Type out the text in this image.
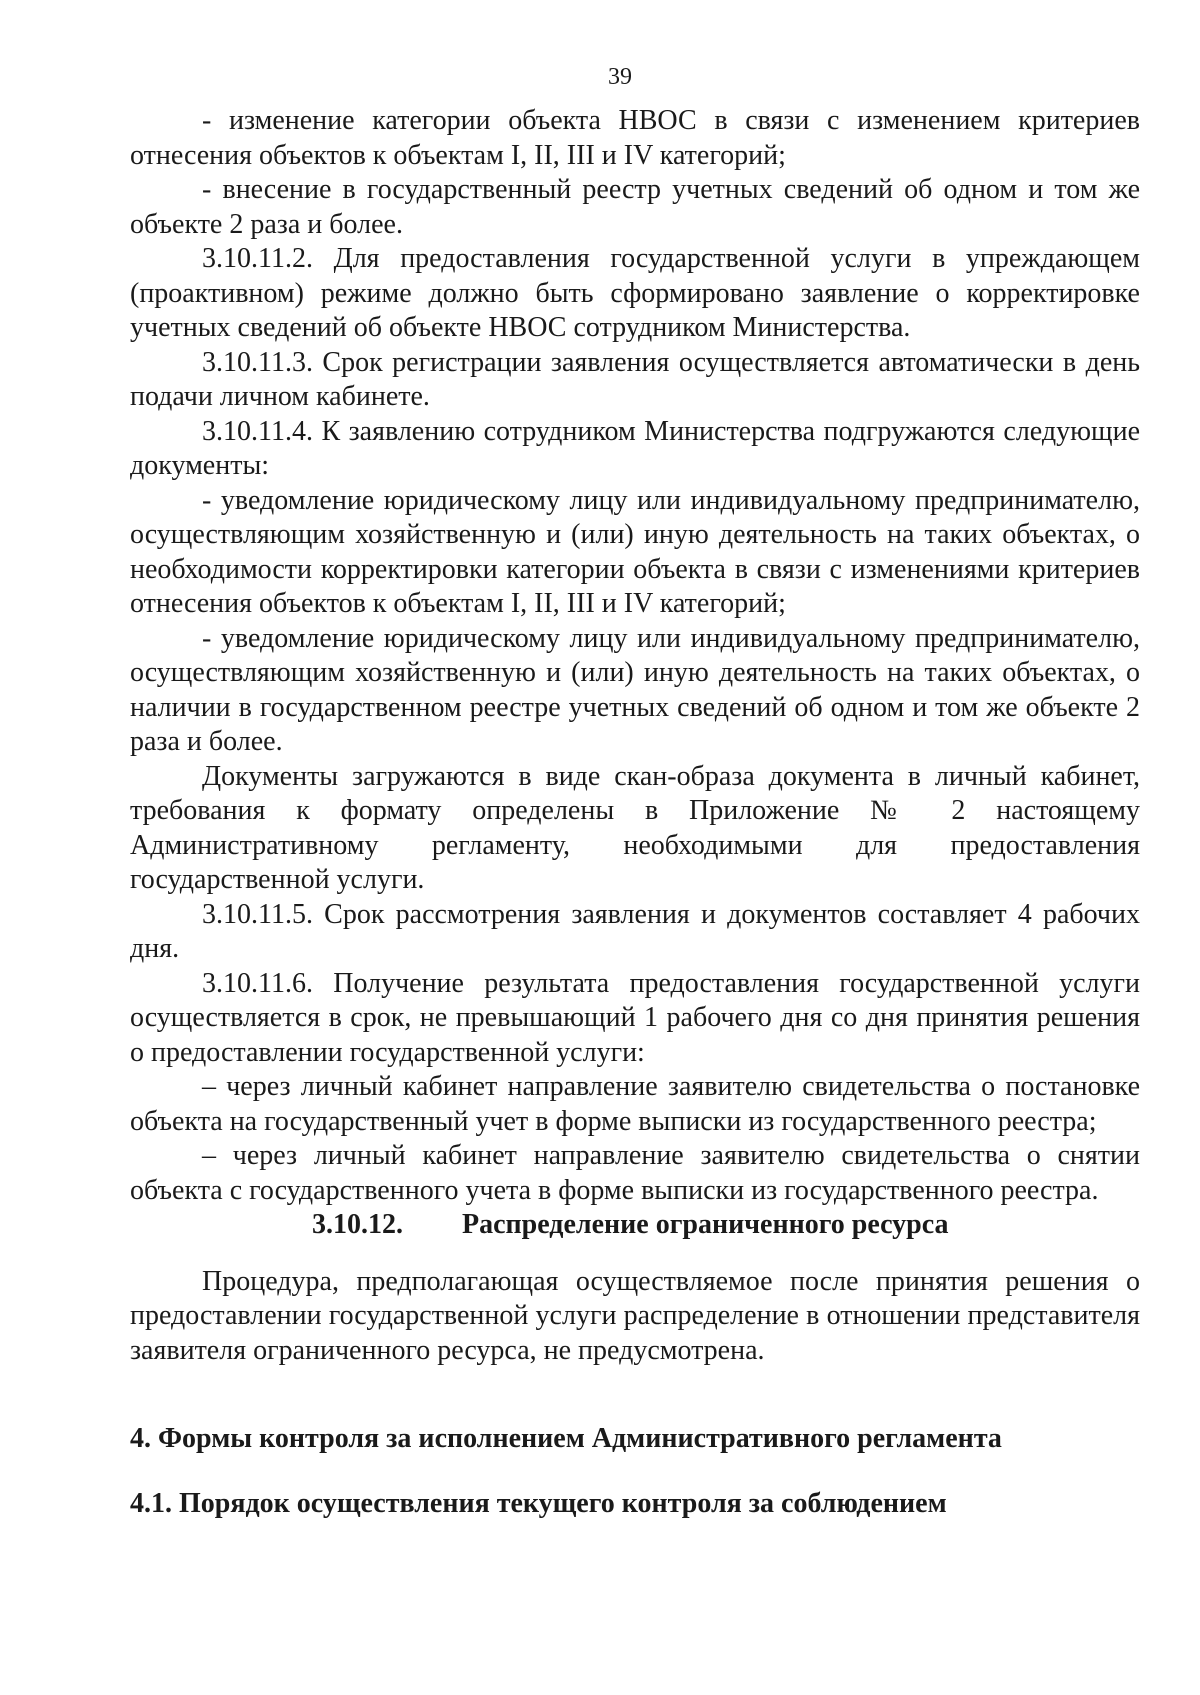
39

- изменение категории объекта НВОС в связи с изменением критериев отнесения объектов к объектам I, II, III и IV категорий;

- внесение в государственный реестр учетных сведений об одном и том же объекте 2 раза и более.

3.10.11.2. Для предоставления государственной услуги в упреждающем (проактивном) режиме должно быть сформировано заявление о корректировке учетных сведений об объекте НВОС сотрудником Министерства.

3.10.11.3. Срок регистрации заявления осуществляется автоматически в день подачи личном кабинете.

3.10.11.4. К заявлению сотрудником Министерства подгружаются следующие документы:

- уведомление юридическому лицу или индивидуальному предпринимателю, осуществляющим хозяйственную и (или) иную деятельность на таких объектах, о необходимости корректировки категории объекта в связи с изменениями критериев отнесения объектов к объектам I, II, III и IV категорий;

- уведомление юридическому лицу или индивидуальному предпринимателю, осуществляющим хозяйственную и (или) иную деятельность на таких объектах, о наличии в государственном реестре учетных сведений об одном и том же объекте 2 раза и более.

Документы загружаются в виде скан-образа документа в личный кабинет, требования к формату определены в Приложение № 2 настоящему Административному регламенту, необходимыми для предоставления государственной услуги.

3.10.11.5. Срок рассмотрения заявления и документов составляет 4 рабочих дня.

3.10.11.6. Получение результата предоставления государственной услуги осуществляется в срок, не превышающий 1 рабочего дня со дня принятия решения о предоставлении государственной услуги:

– через личный кабинет направление заявителю свидетельства о постановке объекта на государственный учет в форме выписки из государственного реестра;

– через личный кабинет направление заявителю свидетельства о снятии объекта с государственного учета в форме выписки из государственного реестра.

3.10.12. Распределение ограниченного ресурса

Процедура, предполагающая осуществляемое после принятия решения о предоставлении государственной услуги распределение в отношении представителя заявителя ограниченного ресурса, не предусмотрена.

4. Формы контроля за исполнением Административного регламента

4.1. Порядок осуществления текущего контроля за соблюдением
